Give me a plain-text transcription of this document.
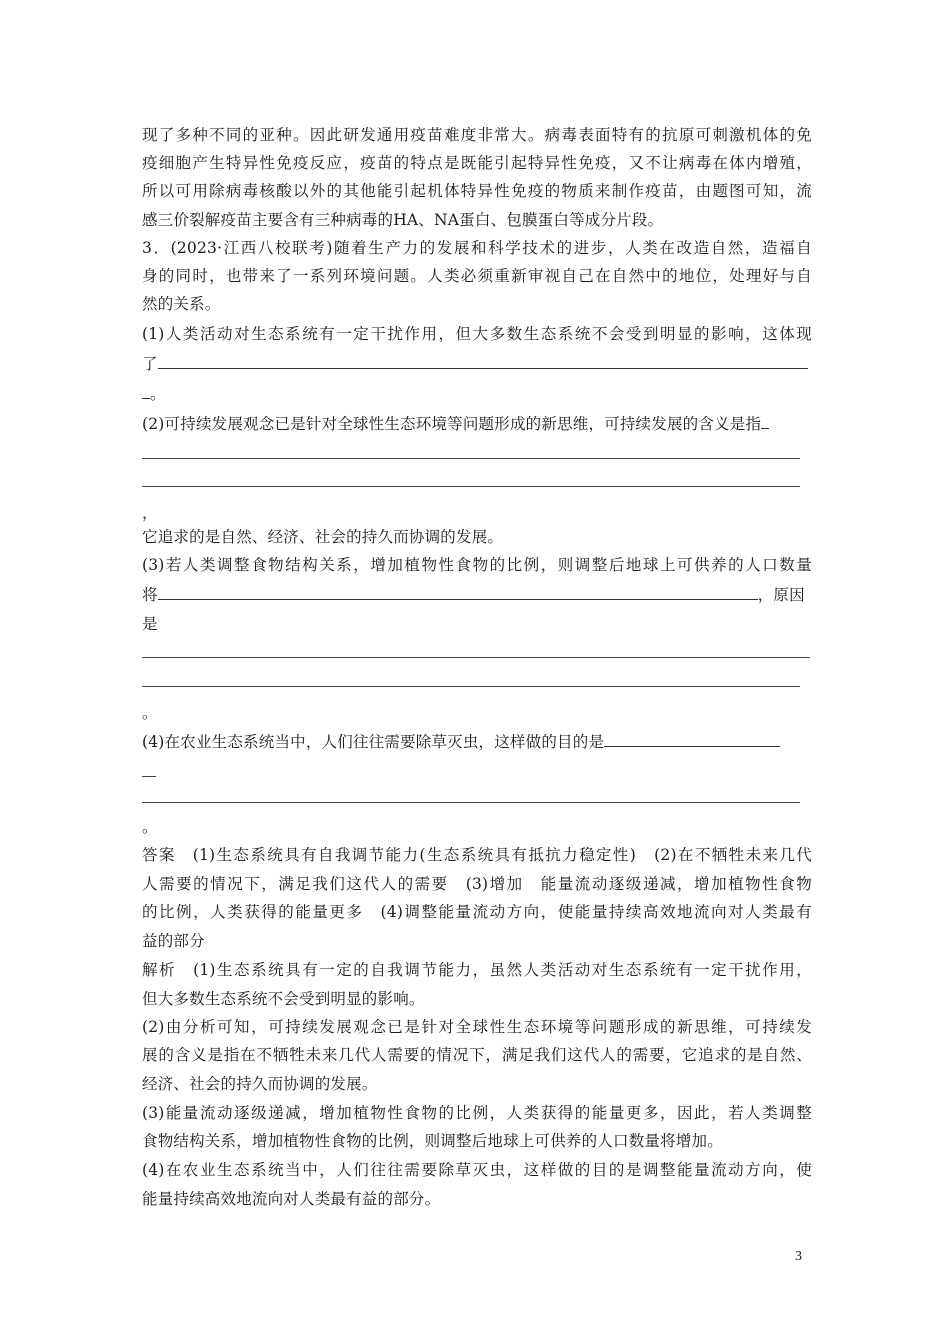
现了多种不同的亚种。因此研发通用疫苗难度非常大。病毒表面特有的抗原可刺激机体的免
疫细胞产生特异性免疫反应，疫苗的特点是既能引起特异性免疫，又不让病毒在体内增殖，
所以可用除病毒核酸以外的其他能引起机体特异性免疫的物质来制作疫苗，由题图可知，流
感三价裂解疫苗主要含有三种病毒的HA、NA蛋白、包膜蛋白等成分片段。
3．(2023·江西八校联考)随着生产力的发展和科学技术的进步，人类在改造自然，造福自
身的同时，也带来了一系列环境问题。人类必须重新审视自己在自然中的地位，处理好与自
然的关系。
(1)人类活动对生态系统有一定干扰作用，但大多数生态系统不会受到明显的影响，这体现
了
。
(2)可持续发展观念已是针对全球性生态环境等问题形成的新思维，可持续发展的含义是指
，
它追求的是自然、经济、社会的持久而协调的发展。
(3)若人类调整食物结构关系，增加植物性食物的比例，则调整后地球上可供养的人口数量
将	，原因
是
。
(4)在农业生态系统当中，人们往往需要除草灭虫，这样做的目的是
。
答案　(1)生态系统具有自我调节能力(生态系统具有抵抗力稳定性)　(2)在不牺牲未来几代
人需要的情况下，满足我们这代人的需要　(3)增加　能量流动逐级递减，增加植物性食物
的比例，人类获得的能量更多　(4)调整能量流动方向，使能量持续高效地流向对人类最有
益的部分
解析　(1)生态系统具有一定的自我调节能力，虽然人类活动对生态系统有一定干扰作用，
但大多数生态系统不会受到明显的影响。
(2)由分析可知，可持续发展观念已是针对全球性生态环境等问题形成的新思维，可持续发
展的含义是指在不牺牲未来几代人需要的情况下，满足我们这代人的需要，它追求的是自然、
经济、社会的持久而协调的发展。
(3)能量流动逐级递减，增加植物性食物的比例，人类获得的能量更多，因此，若人类调整
食物结构关系，增加植物性食物的比例，则调整后地球上可供养的人口数量将增加。
(4)在农业生态系统当中，人们往往需要除草灭虫，这样做的目的是调整能量流动方向，使
能量持续高效地流向对人类最有益的部分。
3
